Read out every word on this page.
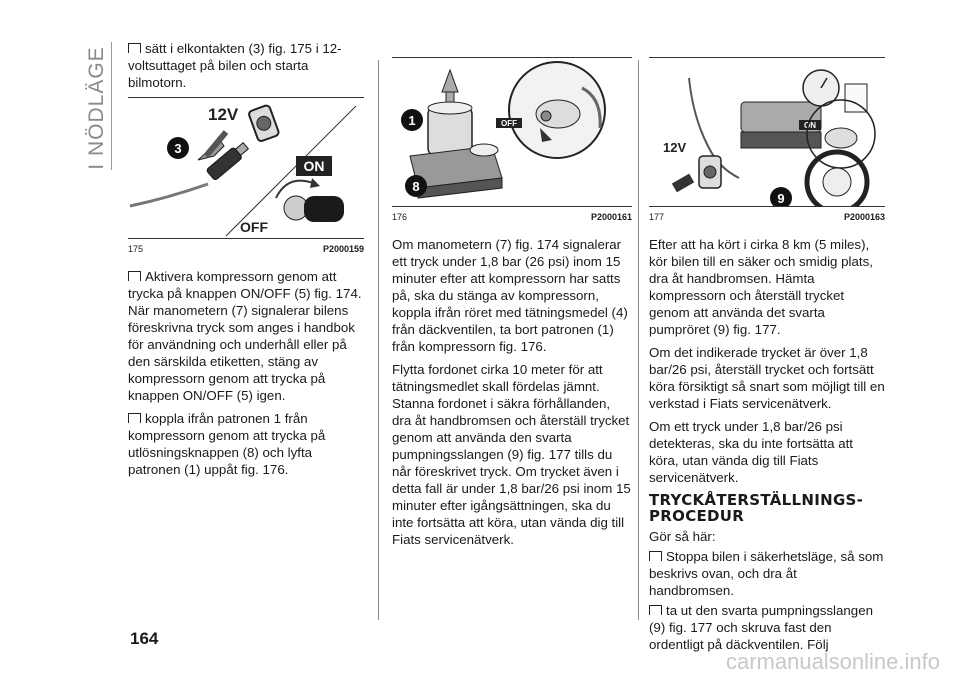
I NÖDLÄGE	sätt i elkontakten (3) fig. 175 i 12-voltsuttaget på bilen och starta bilmotorn.

12V
3
ON
OFF
175	P2000159

Aktivera kompressorn genom att trycka på knappen ON/OFF (5) fig. 174. När manometern (7) signalerar bilens föreskrivna tryck som anges i handbok för användning och underhåll eller på den särskilda etiketten, stäng av kompressorn genom att trycka på knappen ON/OFF (5) igen.

koppla ifrån patronen 1 från kompressorn genom att trycka på utlösningsknappen (8) och lyfta patronen (1) uppåt fig. 176.

1
8
OFF
176	P2000161

Om manometern (7) fig. 174 signalerar ett tryck under 1,8 bar (26 psi) inom 15 minuter efter att kompressorn har satts på, ska du stänga av kompressorn, koppla ifrån röret med tätningsmedel (4) från däckventilen, ta bort patronen (1) från kompressorn fig. 176.

Flytta fordonet cirka 10 meter för att tätningsmedlet skall fördelas jämnt. Stanna fordonet i säkra förhållanden, dra åt handbromsen och återställ trycket genom att använda den svarta pumpningsslangen (9) fig. 177 tills du når föreskrivet tryck. Om trycket även i detta fall är under 1,8 bar/26 psi inom 15 minuter efter igångsättningen, ska du inte fortsätta att köra, utan vända dig till Fiats servicenätverk.

ON
12V
9
177	P2000163

Efter att ha kört i cirka 8 km (5 miles), kör bilen till en säker och smidig plats, dra åt handbromsen. Hämta kompressorn och återställ trycket genom att använda det svarta pumpröret (9) fig. 177.

Om det indikerade trycket är över 1,8 bar/26 psi, återställ trycket och fortsätt köra försiktigt så snart som möjligt till en verkstad i Fiats servicenätverk.

Om ett tryck under 1,8 bar/26 psi detekteras, ska du inte fortsätta att köra, utan vända dig till Fiats servicenätverk.

TRYCKÅTERSTÄLLNINGS-PROCEDUR

Gör så här:

Stoppa bilen i säkerhetsläge, så som beskrivs ovan, och dra åt handbromsen.

ta ut den svarta pumpningsslangen (9) fig. 177 och skruva fast den ordentligt på däckventilen. Följ

164
carmanualsonline.info
